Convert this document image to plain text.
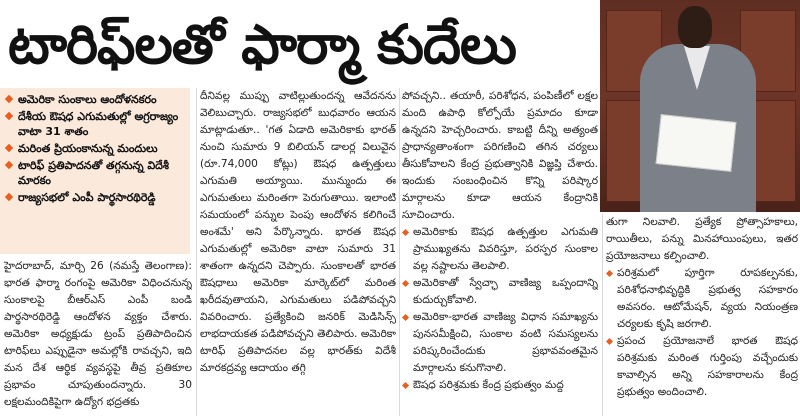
టారిఫ్‌లతో ఫార్మా కుదేలు
అమెరికా సుంకాలు ఆందోళనకరం
దేశీయ ఔషధ ఎగుమతుల్లో అగ్రరాజ్యం వాటా 31 శాతం
మరింత ప్రియంకానున్న మందులు
టారిఫ్ ప్రతిపాదనతో తగ్గనున్న విదేశీ మారకం
రాజ్యసభలో ఎంపీ పార్థసారథిరెడ్డి

హైదరాబాద్, మార్చి 26 (నమస్తే తెలంగాణ): భారత ఫార్మా రంగంపై అమెరికా విధించనున్న సుంకాలపై బీఆర్ఎస్ ఎంపీ బండి పార్థసారథిరెడ్డి ఆందోళన వ్యక్తం చేశారు. అమెరికా అధ్యక్షుడు ట్రంప్ ప్రతిపాదించిన టారిఫ్‌లు ఎప్పుడైనా అమల్లోకి రావచ్చని, ఇది మన దేశ ఆర్థిక వ్యవస్థపై తీవ్ర ప్రతికూల ప్రభావం చూపుతుందన్నారు. 30 లక్షలమందికిపైగా ఉద్యోగ భద్రతకు

దీనివల్ల ముప్పు వాటిల్లుతుందన్న ఆవేదనను వెలిబుచ్చారు. రాజ్యసభలో బుధవారం ఆయన మాట్లాడుతూ.. 'గత ఏడాది అమెరికాకు భారత్ నుంచి సుమారు 9 బిలియన్ డాలర్ల విలువైన (రూ.74,000 కోట్లు) ఔషధ ఉత్పత్తులు ఎగుమతి అయ్యాయి. మున్ముందు ఈ ఎగుమతులు మరింతగా పెరుగుతాయి. ఇలాంటి సమయంలో పన్నుల పెంపు ఆందోళన కలిగించే అంశమే' అని పేర్కొన్నారు. భారత ఔషధ ఎగుమతుల్లో అమెరికా వాటా సుమారు 31 శాతంగా ఉన్నదని చెప్పారు. సుంకాలతో భారత ఔషధాలు అమెరికా మార్కెట్‌లో మరింత ఖరీదవుతాయని, ఎగుమతులు పడిపోవచ్చని వివరించారు. ప్రత్యేకించి జనరిక్ మెడిసిన్స్ లాభదాయకత పడిపోవచ్చని తెలిపారు. అమెరికా టారిఫ్ ప్రతిపాదనల వల్ల భారత్‌కు విదేశీ మారకద్రవ్య ఆదాయం తగ్గి

పోవచ్చని.. తయారీ, పరిశోధన, పంపిణీలో లక్షల మంది ఉపాధి కోల్పోయే ప్రమాదం కూడా ఉన్నదని హెచ్చరించారు. కాబట్టి దీన్ని అత్యంత ప్రాధాన్యతాంశంగా పరిగణించి తగిన చర్యలు తీసుకోవాలని కేంద్ర ప్రభుత్వానికి విజ్ఞప్తి చేశారు. ఇందుకు సంబంధించిన కొన్ని పరిష్కార మార్గాలను కూడా ఆయన కేంద్రానికి సూచించారు.

అమెరికాకు ఔషధ ఉత్పత్తుల ఎగుమతి ప్రాముఖ్యతను వివరిస్తూ, పరస్పర సుంకాల వల్ల నష్టాలను తెలపాలి.

అమెరికాతో స్వేచ్ఛా వాణిజ్య ఒప్పందాన్ని కుదుర్చుకోవాలి.

అమెరికా-భారత వాణిజ్య విధాన సమాఖ్యను పునసమీక్షించి, సుంకాల వంటి సమస్యలను పరిష్కరించేందుకు ప్రభావవంతమైన మార్గాలను కనుగొనాలి.

ఔషధ పరిశ్రమకు కేంద్ర ప్రభుత్వం మద్ద

తుగా నిలవాలి. ప్రత్యేక ప్రోత్సాహకాలు, రాయితీలు, పన్ను మినహాయింపులు, ఇతర ప్రయోజనాలు కల్పించాలి.

పరిశ్రమలో పూర్తిగా రూపకల్పనకు, పరిశోధనాభివృద్ధికి ప్రభుత్వ సహకారం అవసరం. ఆటోమేషన్, వ్యయ నియంత్రణ చర్యలకు కృషి జరగాలి.

ప్రపంచ ప్రయోజనాలే భారత ఔషధ పరిశ్రమకు మరింత గుర్తింపు వచ్చేందుకు కావాల్సిన అన్ని సహకారాలను కేంద్ర ప్రభుత్వం అందించాలి.
